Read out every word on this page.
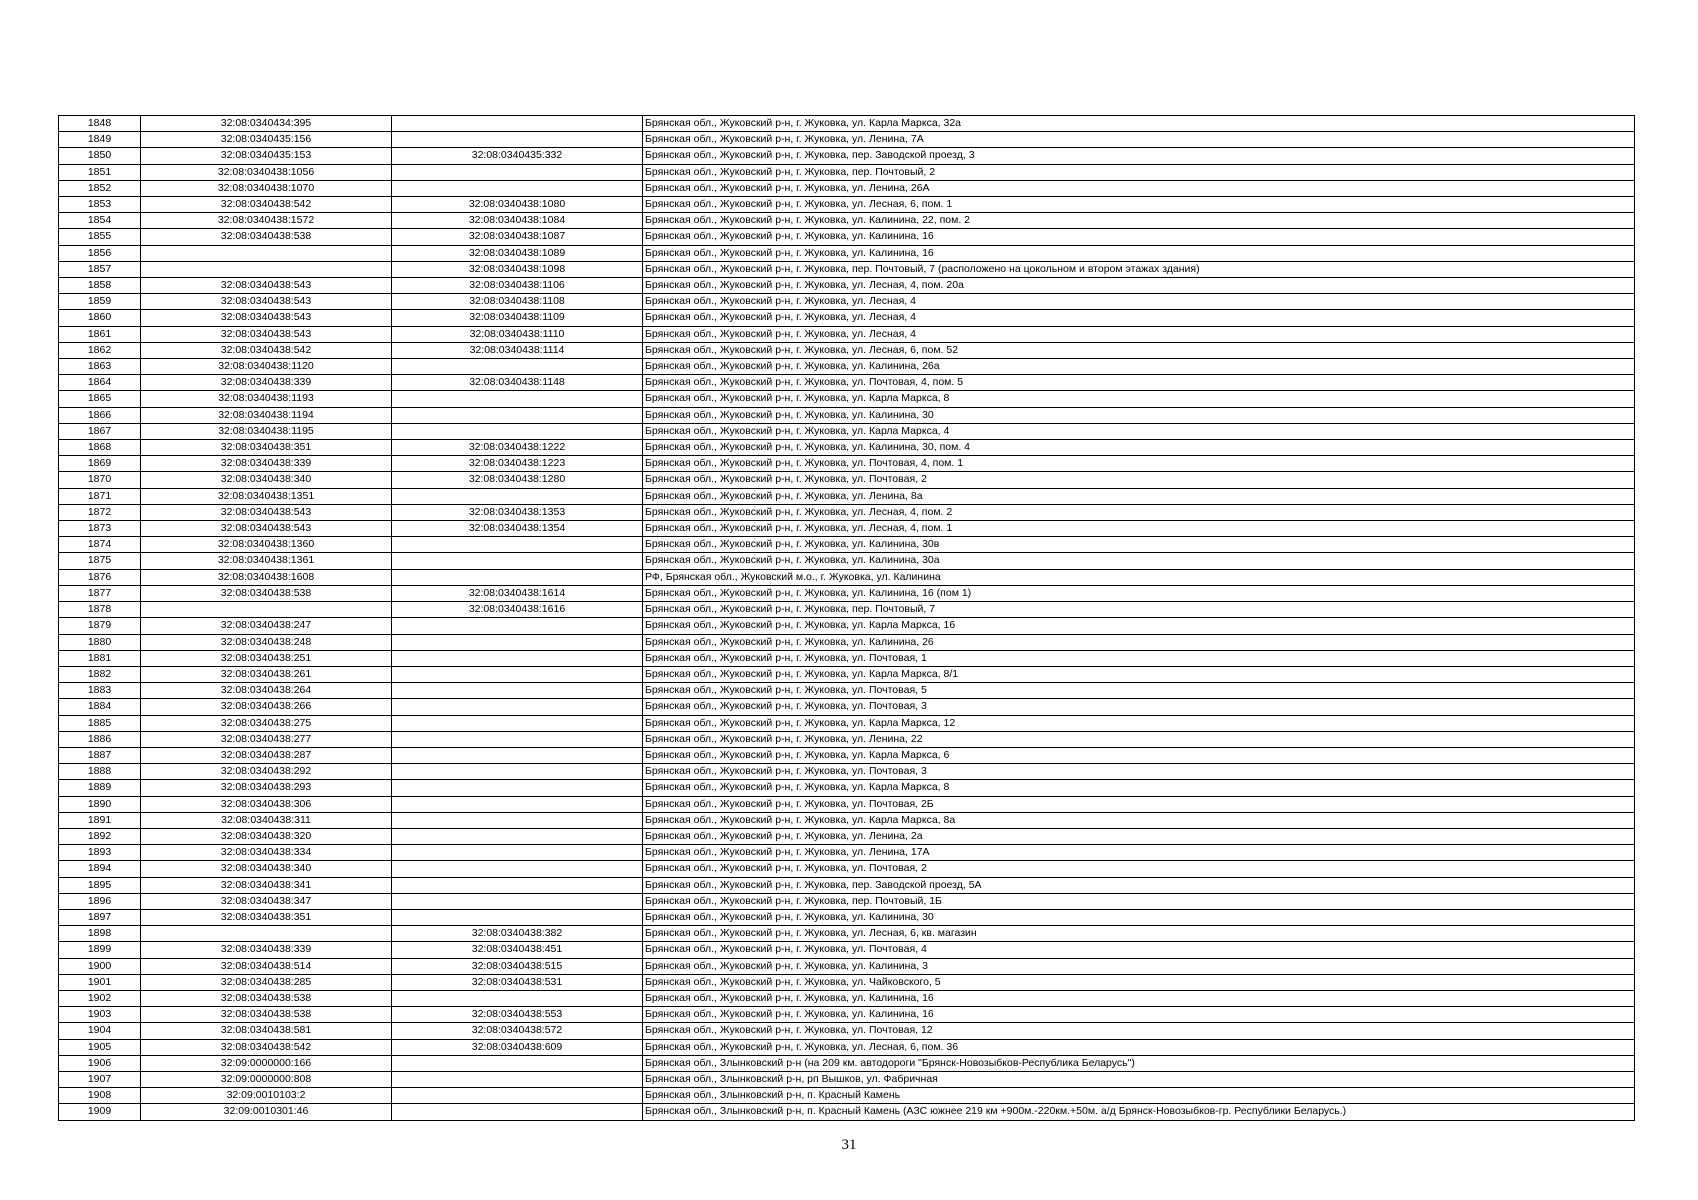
1848	32:08:0340434:395		Брянская обл., Жуковский р-н, г. Жуковка, ул. Карла Маркса, 32а
1849	32:08:0340435:156		Брянская обл., Жуковский р-н, г. Жуковка, ул. Ленина, 7А
1850	32:08:0340435:153	32:08:0340435:332	Брянская обл., Жуковский р-н, г. Жуковка, пер. Заводской проезд, 3
1851	32:08:0340438:1056		Брянская обл., Жуковский р-н, г. Жуковка, пер. Почтовый, 2
1852	32:08:0340438:1070		Брянская обл., Жуковский р-н, г. Жуковка, ул. Ленина, 26А
1853	32:08:0340438:542	32:08:0340438:1080	Брянская обл., Жуковский р-н, г. Жуковка, ул. Лесная, 6, пом. 1
1854	32:08:0340438:1572	32:08:0340438:1084	Брянская обл., Жуковский р-н, г. Жуковка, ул. Калинина, 22, пом. 2
1855	32:08:0340438:538	32:08:0340438:1087	Брянская обл., Жуковский р-н, г. Жуковка, ул. Калинина, 16
1856		32:08:0340438:1089	Брянская обл., Жуковский р-н, г. Жуковка, ул. Калинина, 16
1857		32:08:0340438:1098	Брянская обл., Жуковский р-н, г. Жуковка, пер. Почтовый, 7 (расположено на цокольном и втором этажах здания)
1858	32:08:0340438:543	32:08:0340438:1106	Брянская обл., Жуковский р-н, г. Жуковка, ул. Лесная, 4, пом. 20а
1859	32:08:0340438:543	32:08:0340438:1108	Брянская обл., Жуковский р-н, г. Жуковка, ул. Лесная, 4
1860	32:08:0340438:543	32:08:0340438:1109	Брянская обл., Жуковский р-н, г. Жуковка, ул. Лесная, 4
1861	32:08:0340438:543	32:08:0340438:1110	Брянская обл., Жуковский р-н, г. Жуковка, ул. Лесная, 4
1862	32:08:0340438:542	32:08:0340438:1114	Брянская обл., Жуковский р-н, г. Жуковка, ул. Лесная, 6, пом. 52
1863	32:08:0340438:1120		Брянская обл., Жуковский р-н, г. Жуковка, ул. Калинина, 26а
1864	32:08:0340438:339	32:08:0340438:1148	Брянская обл., Жуковский р-н, г. Жуковка, ул. Почтовая, 4, пом. 5
1865	32:08:0340438:1193		Брянская обл., Жуковский р-н, г. Жуковка, ул. Карла Маркса, 8
1866	32:08:0340438:1194		Брянская обл., Жуковский р-н, г. Жуковка, ул. Калинина, 30
1867	32:08:0340438:1195		Брянская обл., Жуковский р-н, г. Жуковка, ул. Карла Маркса, 4
1868	32:08:0340438:351	32:08:0340438:1222	Брянская обл., Жуковский р-н, г. Жуковка, ул. Калинина, 30, пом. 4
1869	32:08:0340438:339	32:08:0340438:1223	Брянская обл., Жуковский р-н, г. Жуковка, ул. Почтовая, 4, пом. 1
1870	32:08:0340438:340	32:08:0340438:1280	Брянская обл., Жуковский р-н, г. Жуковка, ул. Почтовая, 2
1871	32:08:0340438:1351		Брянская обл., Жуковский р-н, г. Жуковка, ул. Ленина, 8а
1872	32:08:0340438:543	32:08:0340438:1353	Брянская обл., Жуковский р-н, г. Жуковка, ул. Лесная, 4, пом. 2
1873	32:08:0340438:543	32:08:0340438:1354	Брянская обл., Жуковский р-н, г. Жуковка, ул. Лесная, 4, пом. 1
1874	32:08:0340438:1360		Брянская обл., Жуковский р-н, г. Жуковка, ул. Калинина, 30в
1875	32:08:0340438:1361		Брянская обл., Жуковский р-н, г. Жуковка, ул. Калинина, 30а
1876	32:08:0340438:1608		РФ, Брянская обл., Жуковский м.о., г. Жуковка, ул. Калинина
1877	32:08:0340438:538	32:08:0340438:1614	Брянская обл., Жуковский р-н, г. Жуковка, ул. Калинина, 16 (пом 1)
1878		32:08:0340438:1616	Брянская обл., Жуковский р-н, г. Жуковка, пер. Почтовый, 7
1879	32:08:0340438:247		Брянская обл., Жуковский р-н, г. Жуковка, ул. Карла Маркса, 16
1880	32:08:0340438:248		Брянская обл., Жуковский р-н, г. Жуковка, ул. Калинина, 26
1881	32:08:0340438:251		Брянская обл., Жуковский р-н, г. Жуковка, ул. Почтовая, 1
1882	32:08:0340438:261		Брянская обл., Жуковский р-н, г. Жуковка, ул. Карла Маркса, 8/1
1883	32:08:0340438:264		Брянская обл., Жуковский р-н, г. Жуковка, ул. Почтовая, 5
1884	32:08:0340438:266		Брянская обл., Жуковский р-н, г. Жуковка, ул. Почтовая, 3
1885	32:08:0340438:275		Брянская обл., Жуковский р-н, г. Жуковка, ул. Карла Маркса, 12
1886	32:08:0340438:277		Брянская обл., Жуковский р-н, г. Жуковка, ул. Ленина, 22
1887	32:08:0340438:287		Брянская обл., Жуковский р-н, г. Жуковка, ул. Карла Маркса, 6
1888	32:08:0340438:292		Брянская обл., Жуковский р-н, г. Жуковка, ул. Почтовая, 3
1889	32:08:0340438:293		Брянская обл., Жуковский р-н, г. Жуковка, ул. Карла Маркса, 8
1890	32:08:0340438:306		Брянская обл., Жуковский р-н, г. Жуковка, ул. Почтовая, 2Б
1891	32:08:0340438:311		Брянская обл., Жуковский р-н, г. Жуковка, ул. Карла Маркса, 8а
1892	32:08:0340438:320		Брянская обл., Жуковский р-н, г. Жуковка, ул. Ленина, 2а
1893	32:08:0340438:334		Брянская обл., Жуковский р-н, г. Жуковка, ул. Ленина, 17А
1894	32:08:0340438:340		Брянская обл., Жуковский р-н, г. Жуковка, ул. Почтовая, 2
1895	32:08:0340438:341		Брянская обл., Жуковский р-н, г. Жуковка, пер. Заводской проезд, 5А
1896	32:08:0340438:347		Брянская обл., Жуковский р-н, г. Жуковка, пер. Почтовый, 1Б
1897	32:08:0340438:351		Брянская обл., Жуковский р-н, г. Жуковка, ул. Калинина, 30
1898		32:08:0340438:382	Брянская обл., Жуковский р-н, г. Жуковка, ул. Лесная, 6, кв. магазин
1899	32:08:0340438:339	32:08:0340438:451	Брянская обл., Жуковский р-н, г. Жуковка, ул. Почтовая, 4
1900	32:08:0340438:514	32:08:0340438:515	Брянская обл., Жуковский р-н, г. Жуковка, ул. Калинина, 3
1901	32:08:0340438:285	32:08:0340438:531	Брянская обл., Жуковский р-н, г. Жуковка, ул. Чайковского, 5
1902	32:08:0340438:538		Брянская обл., Жуковский р-н, г. Жуковка, ул. Калинина, 16
1903	32:08:0340438:538	32:08:0340438:553	Брянская обл., Жуковский р-н, г. Жуковка, ул. Калинина, 16
1904	32:08:0340438:581	32:08:0340438:572	Брянская обл., Жуковский р-н, г. Жуковка, ул. Почтовая, 12
1905	32:08:0340438:542	32:08:0340438:609	Брянская обл., Жуковский р-н, г. Жуковка, ул. Лесная, 6, пом. 36
1906	32:09:0000000:166		Брянская обл., Злынковский р-н (на 209 км. автодороги "Брянск-Новозыбков-Республика Беларусь")
1907	32:09:0000000:808		Брянская обл., Злынковский р-н, рп Вышков, ул. Фабричная
1908	32:09:0010103:2		Брянская обл., Злынковский р-н, п. Красный Камень
1909	32:09:0010301:46		Брянская обл., Злынковский р-н, п. Красный Камень (АЗС южнее 219 км +900м.-220км.+50м. а/д Брянск-Новозыбков-гр. Республики Беларусь.)
31
